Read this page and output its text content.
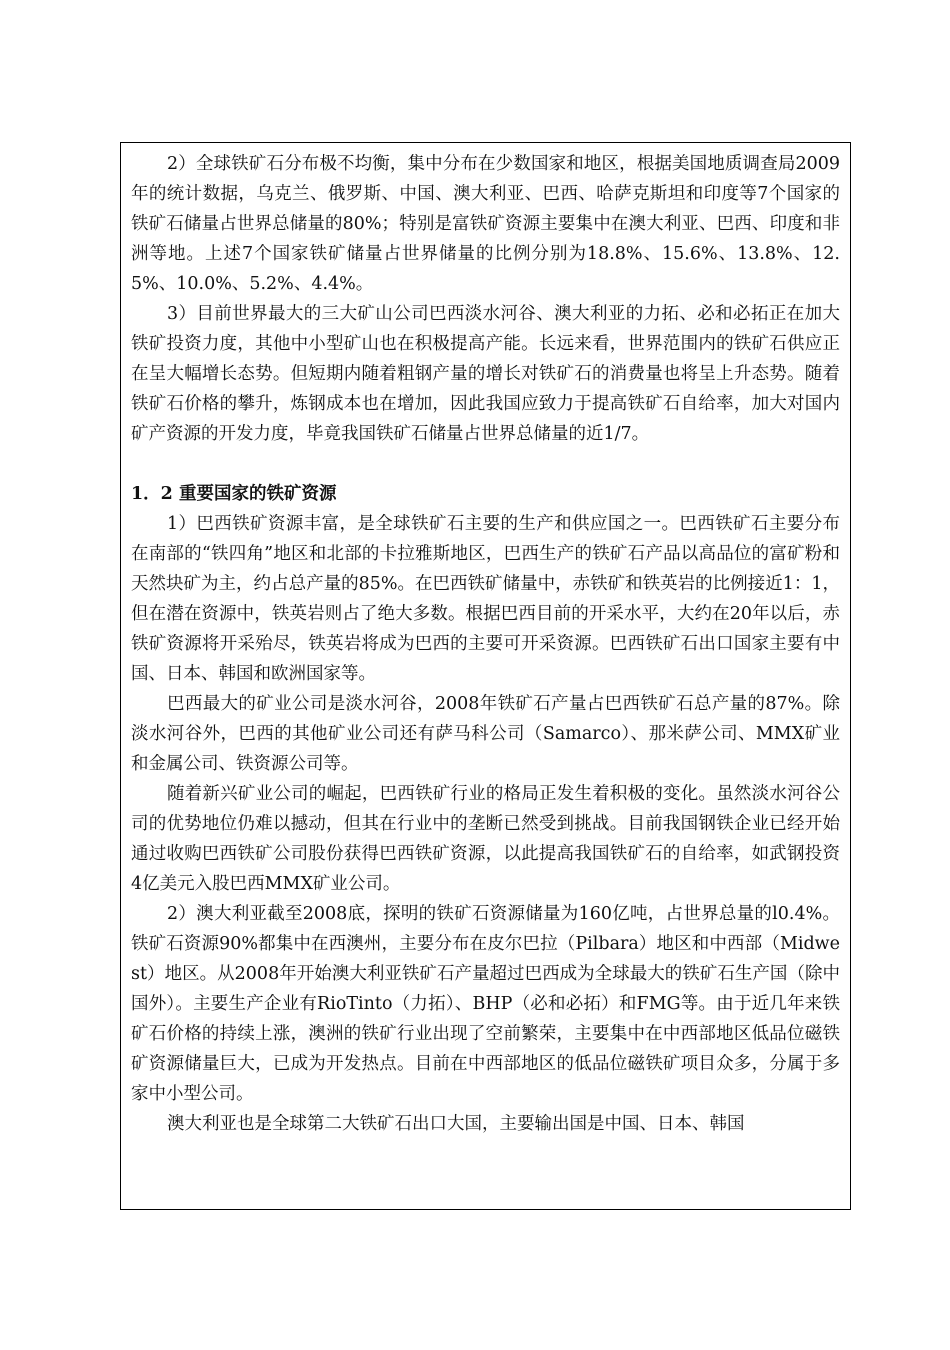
2）全球铁矿石分布极不均衡，集中分布在少数国家和地区，根据美国地质调查局2009年的统计数据，乌克兰、俄罗斯、中国、澳大利亚、巴西、哈萨克斯坦和印度等7个国家的铁矿石储量占世界总储量的80%；特别是富铁矿资源主要集中在澳大利亚、巴西、印度和非洲等地。上述7个国家铁矿储量占世界储量的比例分别为18.8%、15.6%、13.8%、12.5%、10.0%、5.2%、4.4%。

3）目前世界最大的三大矿山公司巴西淡水河谷、澳大利亚的力拓、必和必拓正在加大铁矿投资力度，其他中小型矿山也在积极提高产能。长远来看，世界范围内的铁矿石供应正在呈大幅增长态势。但短期内随着粗钢产量的增长对铁矿石的消费量也将呈上升态势。随着铁矿石价格的攀升，炼钢成本也在增加，因此我国应致力于提高铁矿石自给率，加大对国内矿产资源的开发力度，毕竟我国铁矿石储量占世界总储量的近1/7。

1．2 重要国家的铁矿资源

1）巴西铁矿资源丰富，是全球铁矿石主要的生产和供应国之一。巴西铁矿石主要分布在南部的“铁四角”地区和北部的卡拉雅斯地区，巴西生产的铁矿石产品以高品位的富矿粉和天然块矿为主，约占总产量的85%。在巴西铁矿储量中，赤铁矿和铁英岩的比例接近1：1，但在潜在资源中，铁英岩则占了绝大多数。根据巴西目前的开采水平，大约在20年以后，赤铁矿资源将开采殆尽，铁英岩将成为巴西的主要可开采资源。巴西铁矿石出口国家主要有中国、日本、韩国和欧洲国家等。

巴西最大的矿业公司是淡水河谷，2008年铁矿石产量占巴西铁矿石总产量的87%。除淡水河谷外，巴西的其他矿业公司还有萨马科公司（Samarco）、那米萨公司、MMX矿业和金属公司、铁资源公司等。

随着新兴矿业公司的崛起，巴西铁矿行业的格局正发生着积极的变化。虽然淡水河谷公司的优势地位仍难以撼动，但其在行业中的垄断已然受到挑战。目前我国钢铁企业已经开始通过收购巴西铁矿公司股份获得巴西铁矿资源，以此提高我国铁矿石的自给率，如武钢投资4亿美元入股巴西MMX矿业公司。

2）澳大利亚截至2008底，探明的铁矿石资源储量为160亿吨，占世界总量的l0.4%。铁矿石资源90%都集中在西澳州，主要分布在皮尔巴拉（Pilbara）地区和中西部（Midwest）地区。从2008年开始澳大利亚铁矿石产量超过巴西成为全球最大的铁矿石生产国（除中国外）。主要生产企业有RioTinto（力拓）、BHP（必和必拓）和FMG等。由于近几年来铁矿石价格的持续上涨，澳洲的铁矿行业出现了空前繁荣，主要集中在中西部地区低品位磁铁矿资源储量巨大，已成为开发热点。目前在中西部地区的低品位磁铁矿项目众多，分属于多家中小型公司。

澳大利亚也是全球第二大铁矿石出口大国，主要输出国是中国、日本、韩国
